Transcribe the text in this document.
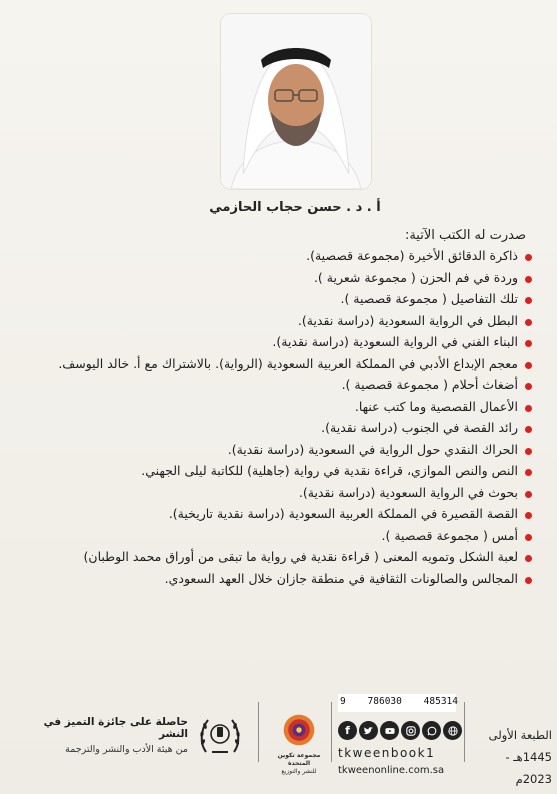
أ . د . حسن حجاب الحازمي
صدرت له الكتب الآتية:
ذاكرة الدقائق الأخيرة (مجموعة قصصية).
وردة في فم الحزن ( مجموعة شعرية ).
تلك التفاصيل ( مجموعة قصصية ).
البطل في الرواية السعودية (دراسة نقدية).
البناء الفني في الرواية السعودية (دراسة نقدية).
معجم الإبداع الأدبي في المملكة العربية السعودية (الرواية). بالاشتراك مع أ. خالد اليوسف.
أضغاث أحلام ( مجموعة قصصية ).
الأعمال القصصية وما كتب عنها.
رائد القصة في الجنوب (دراسة نقدية).
الحراك النقدي حول الرواية في السعودية (دراسة نقدية).
النص والنص الموازي، قراءة نقدية في رواية (جاهلية) للكاتبة ليلى الجهني.
بحوث في الرواية السعودية (دراسة نقدية).
القصة القصيرة في المملكة العربية السعودية (دراسة نقدية تاريخية).
أمس ( مجموعة قصصية ).
لعبة الشكل وتمويه المعنى ( قراءة نقدية في رواية ما تبقى من أوراق محمد الوطبان)
المجالس والصالونات الثقافية في منطقة جازان خلال العهد السعودي.
حاصلة على جائزة التميز في النشر
من هيئة الأدب والنشر والترجمة
مجموعة تكوين المتحدة
للنشر والتوزيع
9 786030 485314
f
tkweenbook1
tkweenonline.com.sa
الطبعة الأولى
1445هـ - 2023م
